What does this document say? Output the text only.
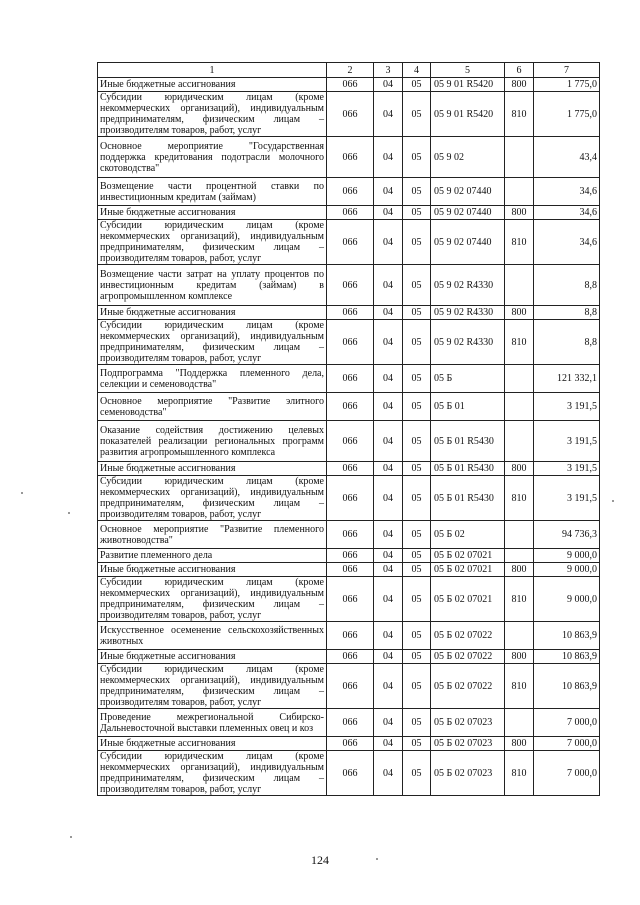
1	2	3	4	5	6	7
Иные бюджетные ассигнования	066	04	05	05 9 01 R5420	800	1 775,0
Субсидии юридическим лицам (кроме некоммерческих организаций), индивидуальным предпринимателям, физическим лицам – производителям товаров, работ, услуг	066	04	05	05 9 01 R5420	810	1 775,0
Основное мероприятие "Государственная поддержка кредитования подотрасли молочного скотоводства"	066	04	05	05 9 02		43,4
Возмещение части процентной ставки по инвестиционным кредитам (займам)	066	04	05	05 9 02 07440		34,6
Иные бюджетные ассигнования	066	04	05	05 9 02 07440	800	34,6
Субсидии юридическим лицам (кроме некоммерческих организаций), индивидуальным предпринимателям, физическим лицам – производителям товаров, работ, услуг	066	04	05	05 9 02 07440	810	34,6
Возмещение части затрат на уплату процентов по инвестиционным кредитам (займам) в агропромышленном комплексе	066	04	05	05 9 02 R4330		8,8
Иные бюджетные ассигнования	066	04	05	05 9 02 R4330	800	8,8
Субсидии юридическим лицам (кроме некоммерческих организаций), индивидуальным предпринимателям, физическим лицам – производителям товаров, работ, услуг	066	04	05	05 9 02 R4330	810	8,8
Подпрограмма "Поддержка племенного дела, селекции и семеноводства"	066	04	05	05 Б		121 332,1
Основное мероприятие "Развитие элитного семеноводства"	066	04	05	05 Б 01		3 191,5
Оказание содействия достижению целевых показателей реализации региональных программ развития агропромышленного комплекса	066	04	05	05 Б 01 R5430		3 191,5
Иные бюджетные ассигнования	066	04	05	05 Б 01 R5430	800	3 191,5
Субсидии юридическим лицам (кроме некоммерческих организаций), индивидуальным предпринимателям, физическим лицам – производителям товаров, работ, услуг	066	04	05	05 Б 01 R5430	810	3 191,5
Основное мероприятие "Развитие племенного животноводства"	066	04	05	05 Б 02		94 736,3
Развитие племенного дела	066	04	05	05 Б 02 07021		9 000,0
Иные бюджетные ассигнования	066	04	05	05 Б 02 07021	800	9 000,0
Субсидии юридическим лицам (кроме некоммерческих организаций), индивидуальным предпринимателям, физическим лицам – производителям товаров, работ, услуг	066	04	05	05 Б 02 07021	810	9 000,0
Искусственное осеменение сельскохозяйственных животных	066	04	05	05 Б 02 07022		10 863,9
Иные бюджетные ассигнования	066	04	05	05 Б 02 07022	800	10 863,9
Субсидии юридическим лицам (кроме некоммерческих организаций), индивидуальным предпринимателям, физическим лицам – производителям товаров, работ, услуг	066	04	05	05 Б 02 07022	810	10 863,9
Проведение межрегиональной Сибирско-Дальневосточной выставки племенных овец и коз	066	04	05	05 Б 02 07023		7 000,0
Иные бюджетные ассигнования	066	04	05	05 Б 02 07023	800	7 000,0
Субсидии юридическим лицам (кроме некоммерческих организаций), индивидуальным предпринимателям, физическим лицам – производителям товаров, работ, услуг	066	04	05	05 Б 02 07023	810	7 000,0
124
